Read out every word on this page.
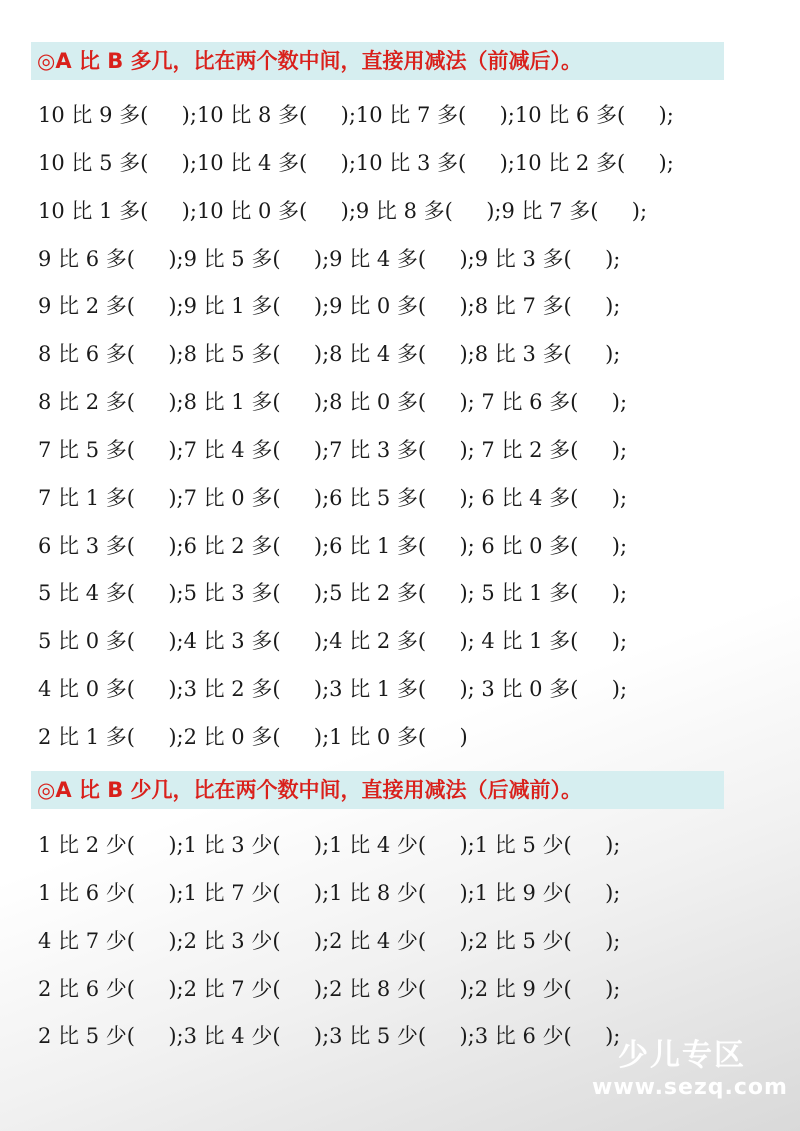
◎A 比 B 多几，比在两个数中间，直接用减法（前减后）。
10 比 9 多(     );10 比 8 多(     );10 比 7 多(     );10 比 6 多(     );
10 比 5 多(     );10 比 4 多(     );10 比 3 多(     );10 比 2 多(     );
10 比 1 多(     );10 比 0 多(     );9 比 8 多(     );9 比 7 多(     );
9 比 6 多(     );9 比 5 多(     );9 比 4 多(     );9 比 3 多(     );
9 比 2 多(     );9 比 1 多(     );9 比 0 多(     );8 比 7 多(     );
8 比 6 多(     );8 比 5 多(     );8 比 4 多(     );8 比 3 多(     );
8 比 2 多(     );8 比 1 多(     );8 比 0 多(     ); 7 比 6 多(     );
7 比 5 多(     );7 比 4 多(     );7 比 3 多(     ); 7 比 2 多(     );
7 比 1 多(     );7 比 0 多(     );6 比 5 多(     ); 6 比 4 多(     );
6 比 3 多(     );6 比 2 多(     );6 比 1 多(     ); 6 比 0 多(     );
5 比 4 多(     );5 比 3 多(     );5 比 2 多(     ); 5 比 1 多(     );
5 比 0 多(     );4 比 3 多(     );4 比 2 多(     ); 4 比 1 多(     );
4 比 0 多(     );3 比 2 多(     );3 比 1 多(     ); 3 比 0 多(     );
2 比 1 多(     );2 比 0 多(     );1 比 0 多(     )
◎A 比 B 少几，比在两个数中间，直接用减法（后减前）。
1 比 2 少(     );1 比 3 少(     );1 比 4 少(     );1 比 5 少(     );
1 比 6 少(     );1 比 7 少(     );1 比 8 少(     );1 比 9 少(     );
4 比 7 少(     );2 比 3 少(     );2 比 4 少(     );2 比 5 少(     );
2 比 6 少(     );2 比 7 少(     );2 比 8 少(     );2 比 9 少(     );
2 比 5 少(     );3 比 4 少(     );3 比 5 少(     );3 比 6 少(     );
少儿专区
www.sezq.com
